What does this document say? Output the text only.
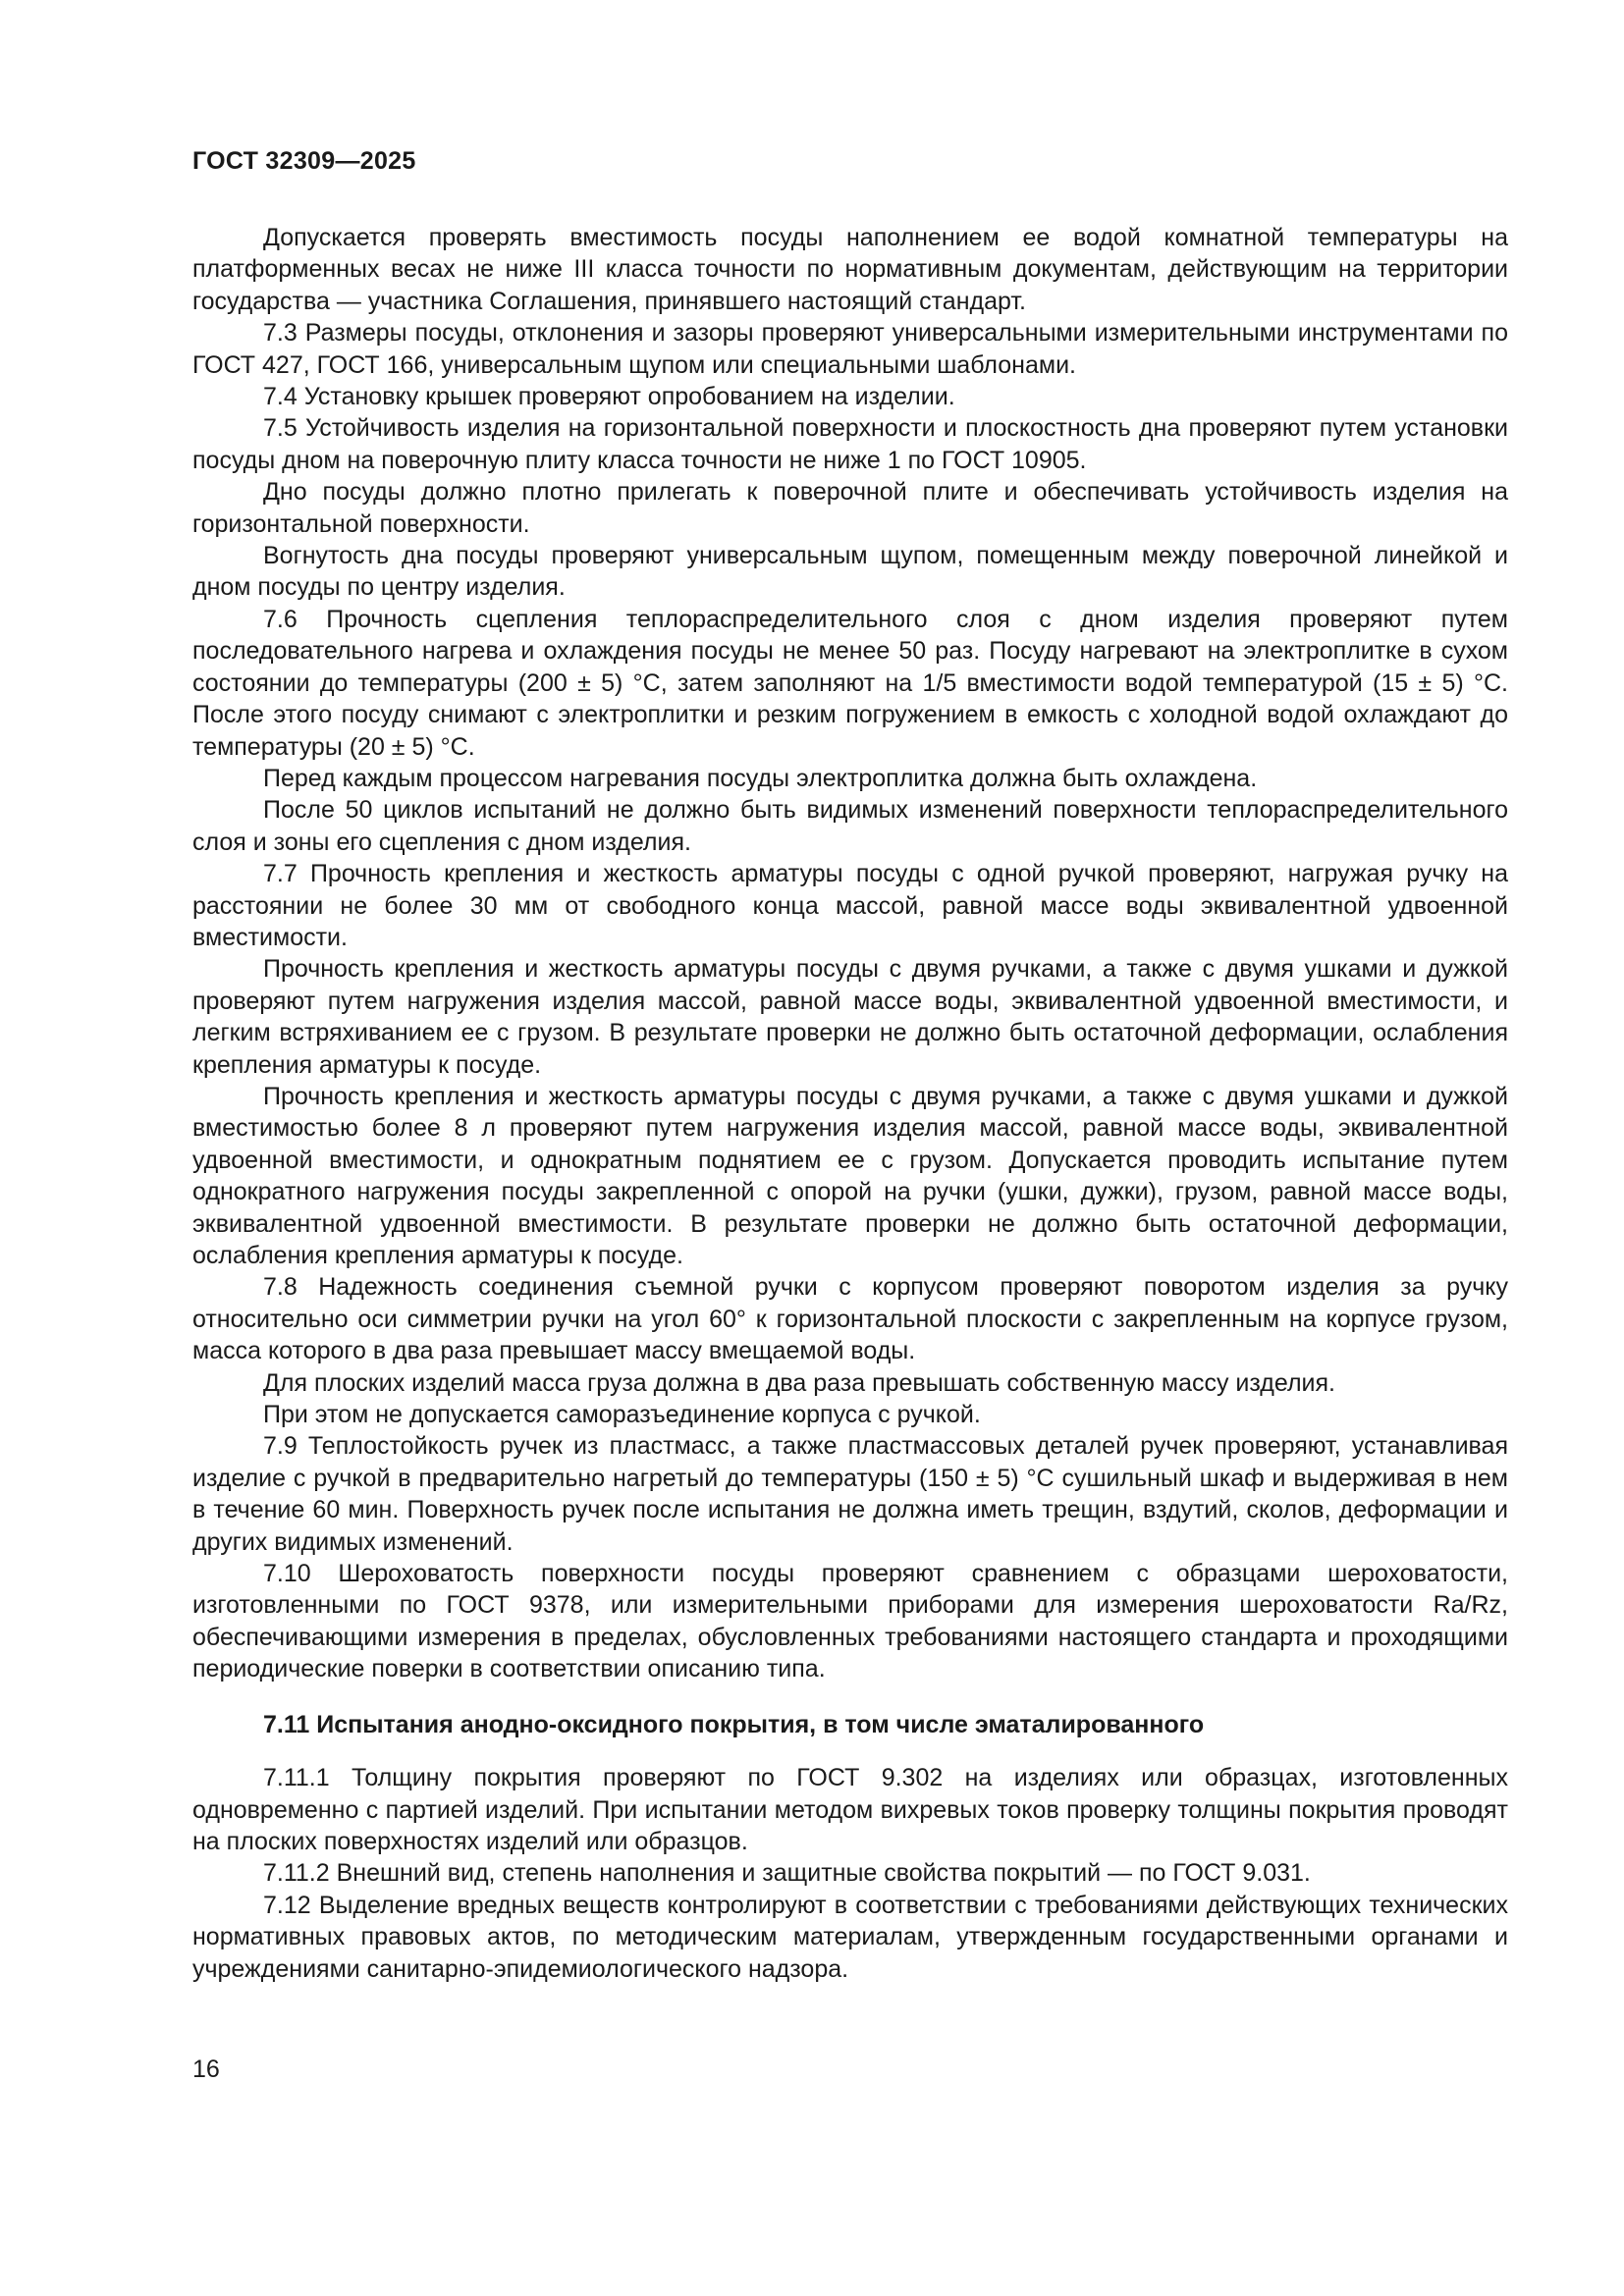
ГОСТ 32309—2025

Допускается проверять вместимость посуды наполнением ее водой комнатной температуры на платформенных весах не ниже III класса точности по нормативным документам, действующим на территории государства — участника Соглашения, принявшего настоящий стандарт.

7.3 Размеры посуды, отклонения и зазоры проверяют универсальными измерительными инструментами по ГОСТ 427, ГОСТ 166, универсальным щупом или специальными шаблонами.

7.4 Установку крышек проверяют опробованием на изделии.

7.5 Устойчивость изделия на горизонтальной поверхности и плоскостность дна проверяют путем установки посуды дном на поверочную плиту класса точности не ниже 1 по ГОСТ 10905.

Дно посуды должно плотно прилегать к поверочной плите и обеспечивать устойчивость изделия на горизонтальной поверхности.

Вогнутость дна посуды проверяют универсальным щупом, помещенным между поверочной линейкой и дном посуды по центру изделия.

7.6 Прочность сцепления теплораспределительного слоя с дном изделия проверяют путем последовательного нагрева и охлаждения посуды не менее 50 раз. Посуду нагревают на электроплитке в сухом состоянии до температуры (200 ± 5) °С, затем заполняют на 1/5 вместимости водой температурой (15 ± 5) °С. После этого посуду снимают с электроплитки и резким погружением в емкость с холодной водой охлаждают до температуры (20 ± 5) °С.

Перед каждым процессом нагревания посуды электроплитка должна быть охлаждена.

После 50 циклов испытаний не должно быть видимых изменений поверхности теплораспределительного слоя и зоны его сцепления с дном изделия.

7.7 Прочность крепления и жесткость арматуры посуды с одной ручкой проверяют, нагружая ручку на расстоянии не более 30 мм от свободного конца массой, равной массе воды эквивалентной удвоенной вместимости.

Прочность крепления и жесткость арматуры посуды с двумя ручками, а также с двумя ушками и дужкой проверяют путем нагружения изделия массой, равной массе воды, эквивалентной удвоенной вместимости, и легким встряхиванием ее с грузом. В результате проверки не должно быть остаточной деформации, ослабления крепления арматуры к посуде.

Прочность крепления и жесткость арматуры посуды с двумя ручками, а также с двумя ушками и дужкой вместимостью более 8 л проверяют путем нагружения изделия массой, равной массе воды, эквивалентной удвоенной вместимости, и однократным поднятием ее с грузом. Допускается проводить испытание путем однократного нагружения посуды закрепленной с опорой на ручки (ушки, дужки), грузом, равной массе воды, эквивалентной удвоенной вместимости. В результате проверки не должно быть остаточной деформации, ослабления крепления арматуры к посуде.

7.8 Надежность соединения съемной ручки с корпусом проверяют поворотом изделия за ручку относительно оси симметрии ручки на угол 60° к горизонтальной плоскости с закрепленным на корпусе грузом, масса которого в два раза превышает массу вмещаемой воды.

Для плоских изделий масса груза должна в два раза превышать собственную массу изделия.

При этом не допускается саморазъединение корпуса с ручкой.

7.9 Теплостойкость ручек из пластмасс, а также пластмассовых деталей ручек проверяют, устанавливая изделие с ручкой в предварительно нагретый до температуры (150 ± 5) °С сушильный шкаф и выдерживая в нем в течение 60 мин. Поверхность ручек после испытания не должна иметь трещин, вздутий, сколов, деформации и других видимых изменений.

7.10 Шероховатость поверхности посуды проверяют сравнением с образцами шероховатости, изготовленными по ГОСТ 9378, или измерительными приборами для измерения шероховатости Ra/Rz, обеспечивающими измерения в пределах, обусловленных требованиями настоящего стандарта и проходящими периодические поверки в соответствии описанию типа.

7.11 Испытания анодно-оксидного покрытия, в том числе эматалированного

7.11.1 Толщину покрытия проверяют по ГОСТ 9.302 на изделиях или образцах, изготовленных одновременно с партией изделий. При испытании методом вихревых токов проверку толщины покрытия проводят на плоских поверхностях изделий или образцов.

7.11.2 Внешний вид, степень наполнения и защитные свойства покрытий — по ГОСТ 9.031.

7.12 Выделение вредных веществ контролируют в соответствии с требованиями действующих технических нормативных правовых актов, по методическим материалам, утвержденным государственными органами и учреждениями санитарно-эпидемиологического надзора.

16
